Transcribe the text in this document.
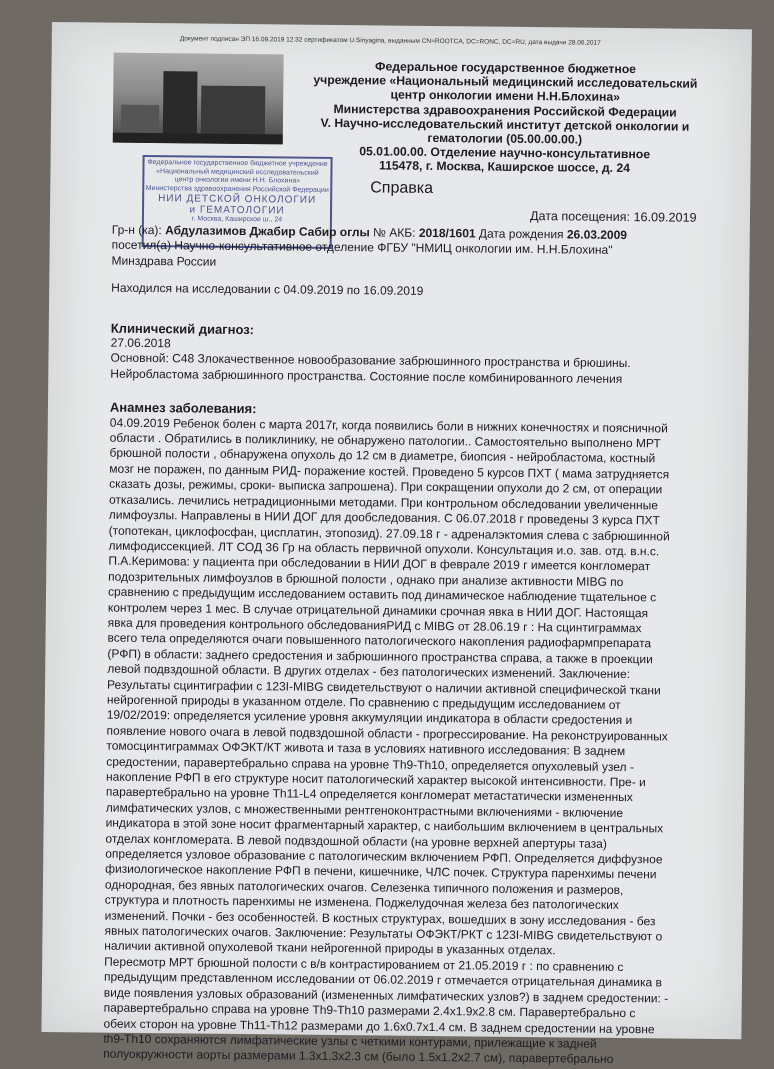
Документ подписан ЭП 16.09.2019 12:32 сертификатом U.Sinyagina, выданным CN=ROOTCA, DC=RONC, DC=RU, дата выдачи 28.06.2017
Федеральное государственное бюджетное
учреждение «Национальный медицинский исследовательский
центр онкологии имени Н.Н.Блохина»
Министерства здравоохранения Российской Федерации
V. Научно-исследовательский институт детской онкологии и
гематологии (05.00.00.00.)
05.01.00.00. Отделение научно-консультативное
115478, г. Москва, Каширское шоссе, д. 24
Федеральное государственное бюджетное учреждение
«Национальный медицинский исследовательский
центр онкологии имени Н.Н. Блохина»
Министерства здравоохранения Российской Федерации
НИИ ДЕТСКОЙ ОНКОЛОГИИ
и ГЕМАТОЛОГИИ
г. Москва, Каширское ш., 24
Справка
Дата посещения: 16.09.2019

Гр-н (ка): Абдулазимов Джабир Сабир оглы № АКБ: 2018/1601 Дата рождения 26.03.2009

посетил(а) Научно-консультативное отделение ФГБУ "НМИЦ онкологии им. Н.Н.Блохина"

Минздрава России

Находился на исследовании с 04.09.2019 по 16.09.2019

Клинический диагноз:

27.06.2018

Основной: С48 Злокачественное новообразование забрюшинного пространства и брюшины.

Нейробластома забрюшинного пространства. Состояние после комбинированного лечения

Анамнез заболевания:

04.09.2019 Ребенок болен с марта 2017г, когда появились боли в нижних конечностях и поясничной

области . Обратились в поликлинику, не обнаружено патологии.. Самостоятельно выполнено МРТ

брюшной полости , обнаружена опухоль до 12 см в диаметре, биопсия - нейробластома, костный

мозг не поражен, по данным РИД- поражение костей. Проведено 5 курсов ПХТ ( мама затрудняется

сказать дозы, режимы, сроки- выписка запрошена). При сокращении опухоли до 2 см, от операции

отказались. лечились нетрадиционными методами. При контрольном обследовании увеличенные

лимфоузлы. Направлены в НИИ ДОГ для дообследования. С 06.07.2018 г проведены 3 курса ПХТ

(топотекан, циклофосфан, цисплатин, этопозид). 27.09.18 г - адреналэктомия слева с забрюшинной

лимфодиссекцией. ЛТ СОД 36 Гр на область первичной опухоли. Консультация и.о. зав. отд. в.н.с.

П.А.Керимова: у пациента при обследовании в НИИ ДОГ в феврале 2019 г имеется конгломерат

подозрительных лимфоузлов в брюшной полости , однако при анализе активности MIBG по

сравнению с предыдущим исследованием оставить под динамическое наблюдение тщательное с

контролем через 1 мес. В случае отрицательной динамики срочная явка в НИИ ДОГ. Настоящая

явка для проведения контрольного обследованияРИД с MIBG от 28.06.19 г : На сцинтиграммах

всего тела определяются очаги повышенного патологического накопления радиофармпрепарата

(РФП) в области: заднего средостения и забрюшинного пространства справа, а также в проекции

левой подвздошной области. В других отделах - без патологических изменений. Заключение:

Результаты сцинтиграфии с 123I-MIBG свидетельствуют о наличии активной специфической ткани

нейрогенной природы в указанном отделе. По сравнению с предыдущим исследованием от

19/02/2019: определяется усиление уровня аккумуляции индикатора в области средостения и

появление нового очага в левой подвздошной области - прогрессирование. На реконструированных

томосцинтиграммах ОФЭКТ/КТ живота и таза в условиях нативного исследования: В заднем

средостении, паравертебрально справа на уровне Th9-Th10, определяется опухолевый узел -

накопление РФП в его структуре носит патологический характер высокой интенсивности. Пре- и

паравертебрально на уровне Th11-L4 определяется конгломерат метастатически измененных

лимфатических узлов, с множественными рентгеноконтрастными включениями - включение

индикатора в этой зоне носит фрагментарный характер, с наибольшим включением в центральных

отделах конгломерата. В левой подвздошной области (на уровне верхней апертуры таза)

определяется узловое образование с патологическим включением РФП. Определяется диффузное

физиологическое накопление РФП в печени, кишечнике, ЧЛС почек. Структура паренхимы печени

однородная, без явных патологических очагов. Селезенка типичного положения и размеров,

структура и плотность паренхимы не изменена. Поджелудочная железа без патологических

изменений. Почки - без особенностей. В костных структурах, вошедших в зону исследования - без

явных патологических очагов. Заключение: Результаты ОФЭКТ/РКТ с 123I-MIBG свидетельствуют о

наличии активной опухолевой ткани нейрогенной природы в указанных отделах.

Пересмотр МРТ брюшной полости с в/в контрастированием от 21.05.2019 г : по сравнению с

предыдущим представленном исследовании от 06.02.2019 г отмечается отрицательная динамика в

виде появления узловых образований (измененных лимфатических узлов?) в заднем средостении: -

паравертебрально справа на уровне Th9-Th10 размерами 2.4x1.9x2.8 см. Паравертебрально с

обеих сторон на уровне Th11-Th12 размерами до 1.6x0.7x1.4 см. В заднем средостении на уровне

th9-Th10 сохраняются лимфатические узлы с четкими контурами, прилежащие к задней

полуокружности аорты размерами 1.3x1.3x2.3 см (было 1.5x1.2x2.7 см), паравертебрально
